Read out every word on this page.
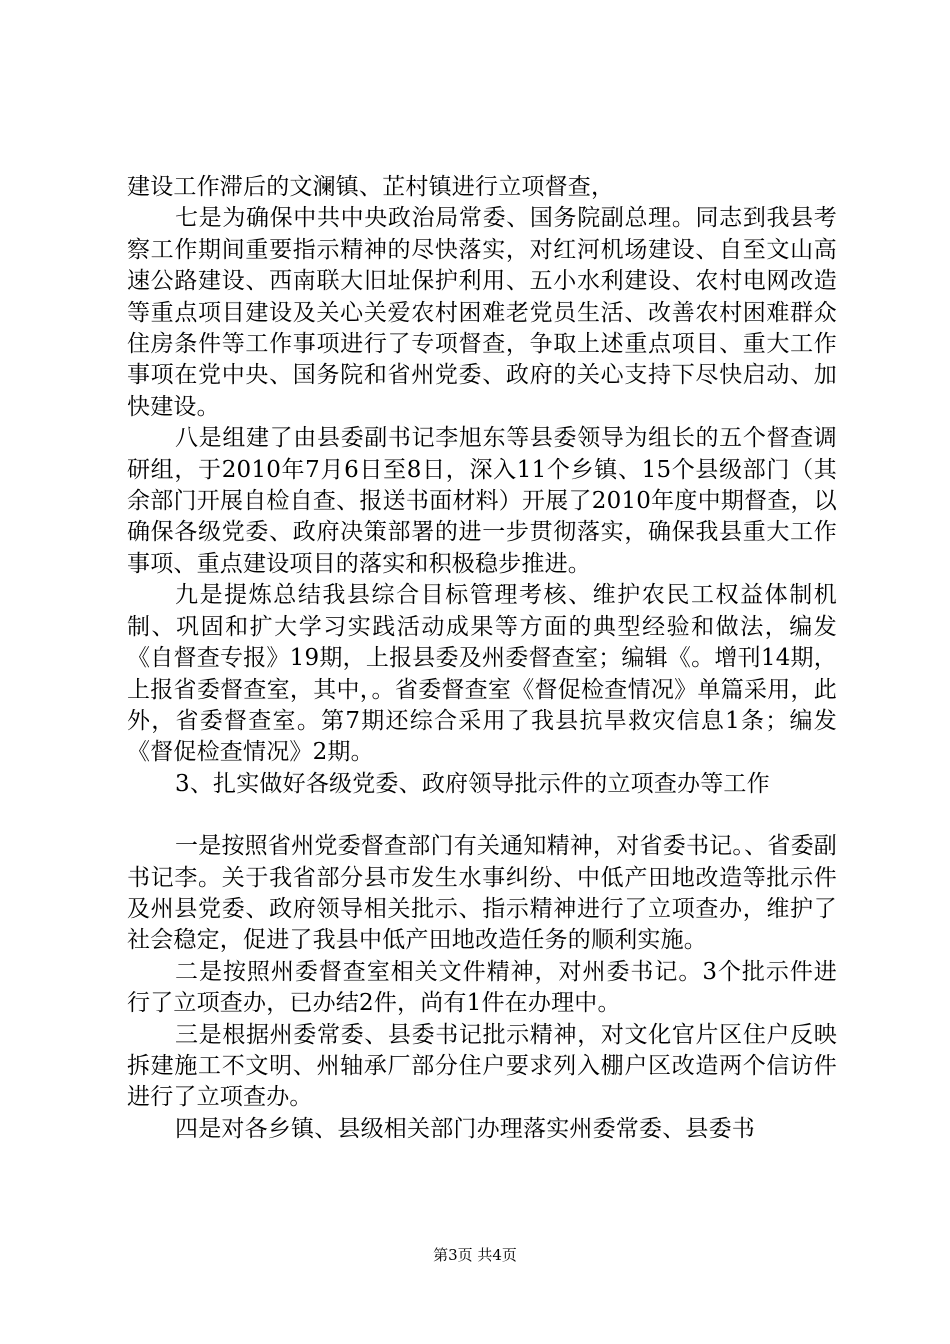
建设工作滞后的文澜镇、芷村镇进行立项督查，

七是为确保中共中央政治局常委、国务院副总理。同志到我县考察工作期间重要指示精神的尽快落实，对红河机场建设、自至文山高速公路建设、西南联大旧址保护利用、五小水利建设、农村电网改造等重点项目建设及关心关爱农村困难老党员生活、改善农村困难群众住房条件等工作事项进行了专项督查，争取上述重点项目、重大工作事项在党中央、国务院和省州党委、政府的关心支持下尽快启动、加快建设。

八是组建了由县委副书记李旭东等县委领导为组长的五个督查调研组，于2010年7月6日至8日，深入11个乡镇、15个县级部门（其余部门开展自检自查、报送书面材料）开展了2010年度中期督查，以确保各级党委、政府决策部署的进一步贯彻落实，确保我县重大工作事项、重点建设项目的落实和积极稳步推进。

九是提炼总结我县综合目标管理考核、维护农民工权益体制机制、巩固和扩大学习实践活动成果等方面的典型经验和做法，编发《自督查专报》19期，上报县委及州委督查室；编辑《。增刊14期，上报省委督查室，其中，。省委督查室《督促检查情况》单篇采用，此外，省委督查室。第7期还综合采用了我县抗旱救灾信息1条；编发《督促检查情况》2期。

3、扎实做好各级党委、政府领导批示件的立项查办等工作

一是按照省州党委督查部门有关通知精神，对省委书记。、省委副书记李。关于我省部分县市发生水事纠纷、中低产田地改造等批示件及州县党委、政府领导相关批示、指示精神进行了立项查办，维护了社会稳定，促进了我县中低产田地改造任务的顺利实施。

二是按照州委督查室相关文件精神，对州委书记。3个批示件进行了立项查办，已办结2件，尚有1件在办理中。

三是根据州委常委、县委书记批示精神，对文化官片区住户反映拆建施工不文明、州轴承厂部分住户要求列入棚户区改造两个信访件进行了立项查办。

四是对各乡镇、县级相关部门办理落实州委常委、县委书

第3页 共4页
